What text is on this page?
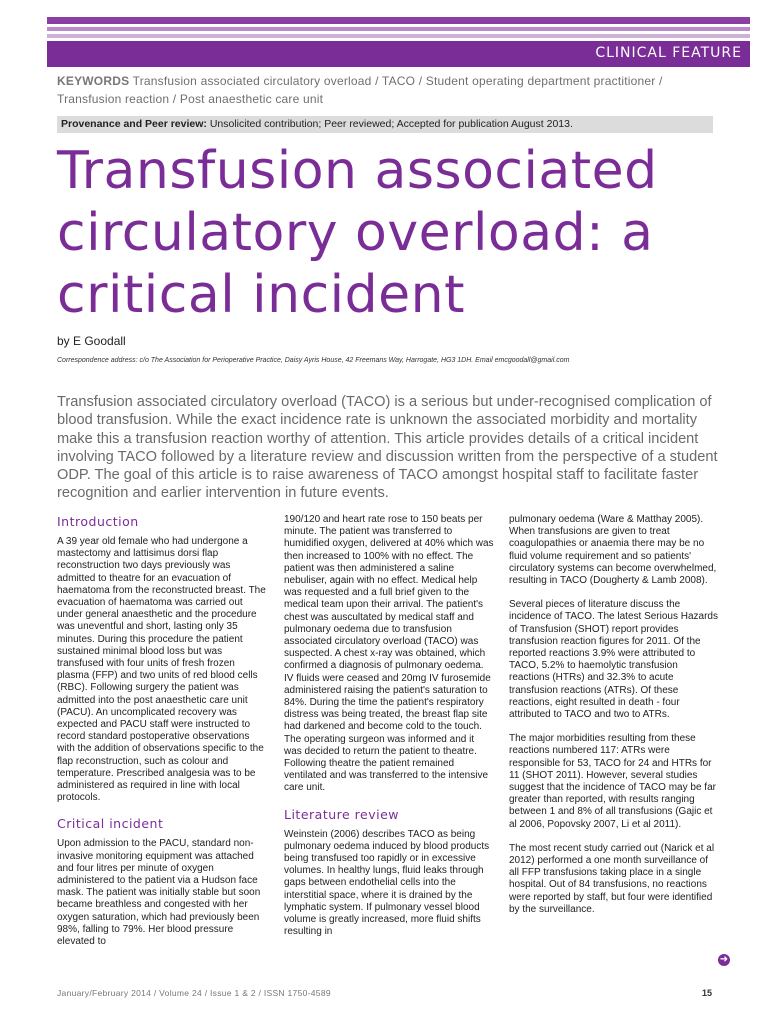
CLINICAL FEATURE
KEYWORDS Transfusion associated circulatory overload / TACO / Student operating department practitioner / Transfusion reaction / Post anaesthetic care unit
Provenance and Peer review: Unsolicited contribution; Peer reviewed; Accepted for publication August 2013.
Transfusion associated circulatory overload: a critical incident
by E Goodall
Correspondence address: c/o The Association for Perioperative Practice, Daisy Ayris House, 42 Freemans Way, Harrogate, HG3 1DH. Email emcgoodall@gmail.com

Transfusion associated circulatory overload (TACO) is a serious but under-recognised complication of blood transfusion. While the exact incidence rate is unknown the associated morbidity and mortality make this a transfusion reaction worthy of attention. This article provides details of a critical incident involving TACO followed by a literature review and discussion written from the perspective of a student ODP. The goal of this article is to raise awareness of TACO amongst hospital staff to facilitate faster recognition and earlier intervention in future events.

Introduction

A 39 year old female who had undergone a mastectomy and lattisimus dorsi flap reconstruction two days previously was admitted to theatre for an evacuation of haematoma from the reconstructed breast. The evacuation of haematoma was carried out under general anaesthetic and the procedure was uneventful and short, lasting only 35 minutes. During this procedure the patient sustained minimal blood loss but was transfused with four units of fresh frozen plasma (FFP) and two units of red blood cells (RBC). Following surgery the patient was admitted into the post anaesthetic care unit (PACU). An uncomplicated recovery was expected and PACU staff were instructed to record standard postoperative observations with the addition of observations specific to the flap reconstruction, such as colour and temperature. Prescribed analgesia was to be administered as required in line with local protocols.

Critical incident

Upon admission to the PACU, standard non-invasive monitoring equipment was attached and four litres per minute of oxygen administered to the patient via a Hudson face mask. The patient was initially stable but soon became breathless and congested with her oxygen saturation, which had previously been 98%, falling to 79%. Her blood pressure elevated to

190/120 and heart rate rose to 150 beats per minute. The patient was transferred to humidified oxygen, delivered at 40% which was then increased to 100% with no effect. The patient was then administered a saline nebuliser, again with no effect. Medical help was requested and a full brief given to the medical team upon their arrival. The patient's chest was auscultated by medical staff and pulmonary oedema due to transfusion associated circulatory overload (TACO) was suspected. A chest x-ray was obtained, which confirmed a diagnosis of pulmonary oedema. IV fluids were ceased and 20mg IV furosemide administered raising the patient's saturation to 84%. During the time the patient's respiratory distress was being treated, the breast flap site had darkened and become cold to the touch. The operating surgeon was informed and it was decided to return the patient to theatre. Following theatre the patient remained ventilated and was transferred to the intensive care unit.

Literature review

Weinstein (2006) describes TACO as being pulmonary oedema induced by blood products being transfused too rapidly or in excessive volumes. In healthy lungs, fluid leaks through gaps between endothelial cells into the interstitial space, where it is drained by the lymphatic system. If pulmonary vessel blood volume is greatly increased, more fluid shifts resulting in

pulmonary oedema (Ware & Matthay 2005). When transfusions are given to treat coagulopathies or anaemia there may be no fluid volume requirement and so patients' circulatory systems can become overwhelmed, resulting in TACO (Dougherty & Lamb 2008).

Several pieces of literature discuss the incidence of TACO. The latest Serious Hazards of Transfusion (SHOT) report provides transfusion reaction figures for 2011. Of the reported reactions 3.9% were attributed to TACO, 5.2% to haemolytic transfusion reactions (HTRs) and 32.3% to acute transfusion reactions (ATRs). Of these reactions, eight resulted in death - four attributed to TACO and two to ATRs.

The major morbidities resulting from these reactions numbered 117: ATRs were responsible for 53, TACO for 24 and HTRs for 11 (SHOT 2011). However, several studies suggest that the incidence of TACO may be far greater than reported, with results ranging between 1 and 8% of all transfusions (Gajic et al 2006, Popovsky 2007, Li et al 2011).

The most recent study carried out (Narick et al 2012) performed a one month surveillance of all FFP transfusions taking place in a single hospital. Out of 84 transfusions, no reactions were reported by staff, but four were identified by the surveillance.

➜
January/February 2014 / Volume 24 / Issue 1 & 2 / ISSN 1750-4589	15
